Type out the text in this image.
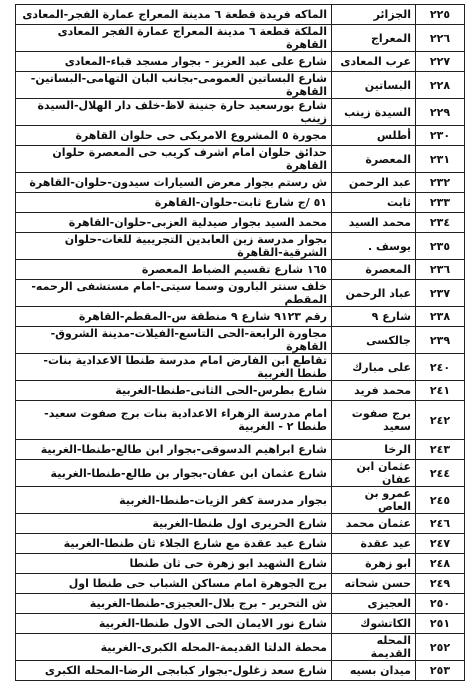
٢٢٥	الجزائر	الماكه فريدة قطعة ٦ مدينة المعراج عمارة الفجر-المعادى
٢٢٦	المعراج	الملكة قطعة ٦ مدينة المعراج عمارة الفجر المعادى القاهرة
٢٢٧	عرب المعادى	شارع على عبد العزيز - بجوار مسجد قباء-المعادى
٢٢٨	البساتين	شارع البساتين العمومى-بجانب البان التهامى-البساتين-القاهرة
٢٢٩	السيدة زينب	شارع بورسعيد حارة جنينة لاظ-خلف دار الهلال-السيدة زينب
٢٣٠	أطلس	مجورة ٥ المشروع الامريكى حى حلوان القاهرة
٢٣١	المعصرة	حدائق حلوان امام اشرف كريب حى المعصرة حلوان القاهرة
٢٣٢	عبد الرحمن	ش رستم بجوار معرض السيارات سيدون-حلوان-القاهرة
٢٣٣	ثابت	٥١ /ج شارع ثابت-حلوان-القاهرة
٢٣٤	محمد السيد	محمد السيد بجوار صيدلية العزبى-حلوان-القاهرة
٢٣٥	يوسف .	بجوار مدرسة زين العابدين التجريبية للغات-حلوان الشرقية-القاهرة
٢٣٦	المعصرة	١٦٥ شارع تقسيم الضباط المعصرة
٢٣٧	عباد الرحمن	خلف سنتر البارون وسما سيتى-امام مستشفى الرحمه-المقطم
٢٣٨	شارع ٩	رقم ٩١٢٣ شارع ٩ منطقة س-المقطم-القاهرة
٢٣٩	جالكسى	مجاورة الرابعة-الحى التاسع-الفيلات-مدينة الشروق-القاهرة
٢٤٠	على مبارك	تقاطع ابن الفارض امام مدرسة طنطا الاعدادية بنات-طنطا الغربية
٢٤١	محمد فريد	شارع بطرس-الحى الثانى-طنطا-الغربية
٢٤٢	برج صفوت سعيد	امام مدرسة الزهراء الاعدادية بنات برج صفوت سعيد-طنطا ٢ - الغربية
٢٤٣	الرخا	شارع ابراهيم الدسوقى-بجوار ابن طالع-طنطا-الغربية
٢٤٤	عثمان ابن عفان	شارع عثمان ابن عفان-بجوار بن طالع-طنطا-الغربية
٢٤٥	عمرو بن العاص	بجوار مدرسة كفر الزيات-طنطا-الغربية
٢٤٦	عثمان محمد	شارع الحريرى اول طنطا-الغربية
٢٤٧	عيد عقدة	شارع عيد عقدة مع شارع الجلاء ثان طنطا-الغربية
٢٤٨	ابو زهرة	شارع الشهيد ابو زهرة حى ثان طنطا
٢٤٩	حسن شحاته	برج الجوهرة امام مساكن الشباب حى طنطا اول
٢٥٠	العجيزى	ش التحرير - برج بلال-العجيزى-طنطا-الغربية
٢٥١	الكاتشوك	شارع نور الايمان الحى الاول طنطا-الغربية
٢٥٢	المحله القديمة	محطة الدلتا القديمة-المحله الكبرى-الغربية
٢٥٣	ميدان بسيه	شارع سعد زغلول-بجوار كبابجى الرضا-المحله الكبرى
